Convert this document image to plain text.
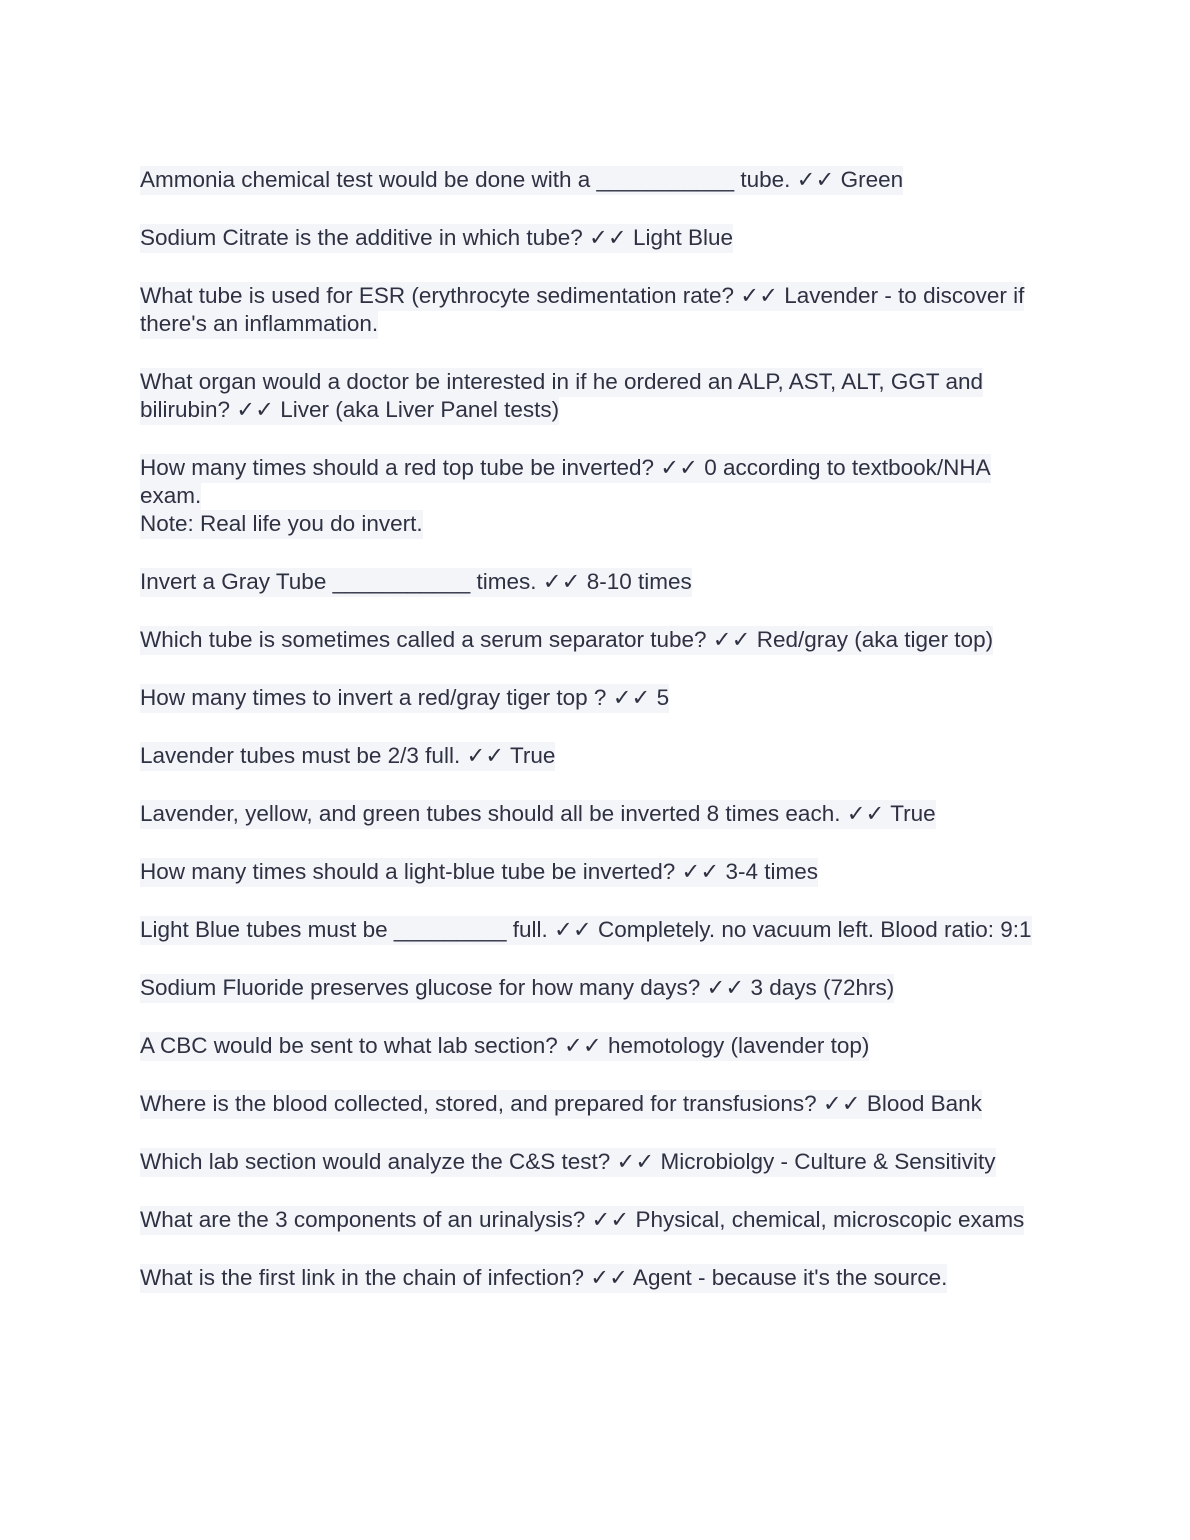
Ammonia chemical test would be done with a ___________ tube. ✓✓ Green
Sodium Citrate is the additive in which tube? ✓✓ Light Blue
What tube is used for ESR (erythrocyte sedimentation rate? ✓✓ Lavender - to discover if there's an inflammation.
What organ would a doctor be interested in if he ordered an ALP, AST, ALT, GGT and bilirubin? ✓✓ Liver (aka Liver Panel tests)
How many times should a red top tube be inverted? ✓✓ 0 according to textbook/NHA exam.
Note: Real life you do invert.
Invert a Gray Tube ___________ times. ✓✓ 8-10 times
Which tube is sometimes called a serum separator tube? ✓✓ Red/gray (aka tiger top)
How many times to invert a red/gray tiger top ? ✓✓ 5
Lavender tubes must be 2/3 full. ✓✓ True
Lavender, yellow, and green tubes should all be inverted 8 times each. ✓✓ True
How many times should a light-blue tube be inverted? ✓✓ 3-4 times
Light Blue tubes must be _________ full. ✓✓ Completely. no vacuum left. Blood ratio: 9:1
Sodium Fluoride preserves glucose for how many days? ✓✓ 3 days (72hrs)
A CBC would be sent to what lab section? ✓✓ hemotology (lavender top)
Where is the blood collected, stored, and prepared for transfusions? ✓✓ Blood Bank
Which lab section would analyze the C&S test? ✓✓ Microbiolgy - Culture & Sensitivity
What are the 3 components of an urinalysis? ✓✓ Physical, chemical, microscopic exams
What is the first link in the chain of infection? ✓✓ Agent - because it's the source.
